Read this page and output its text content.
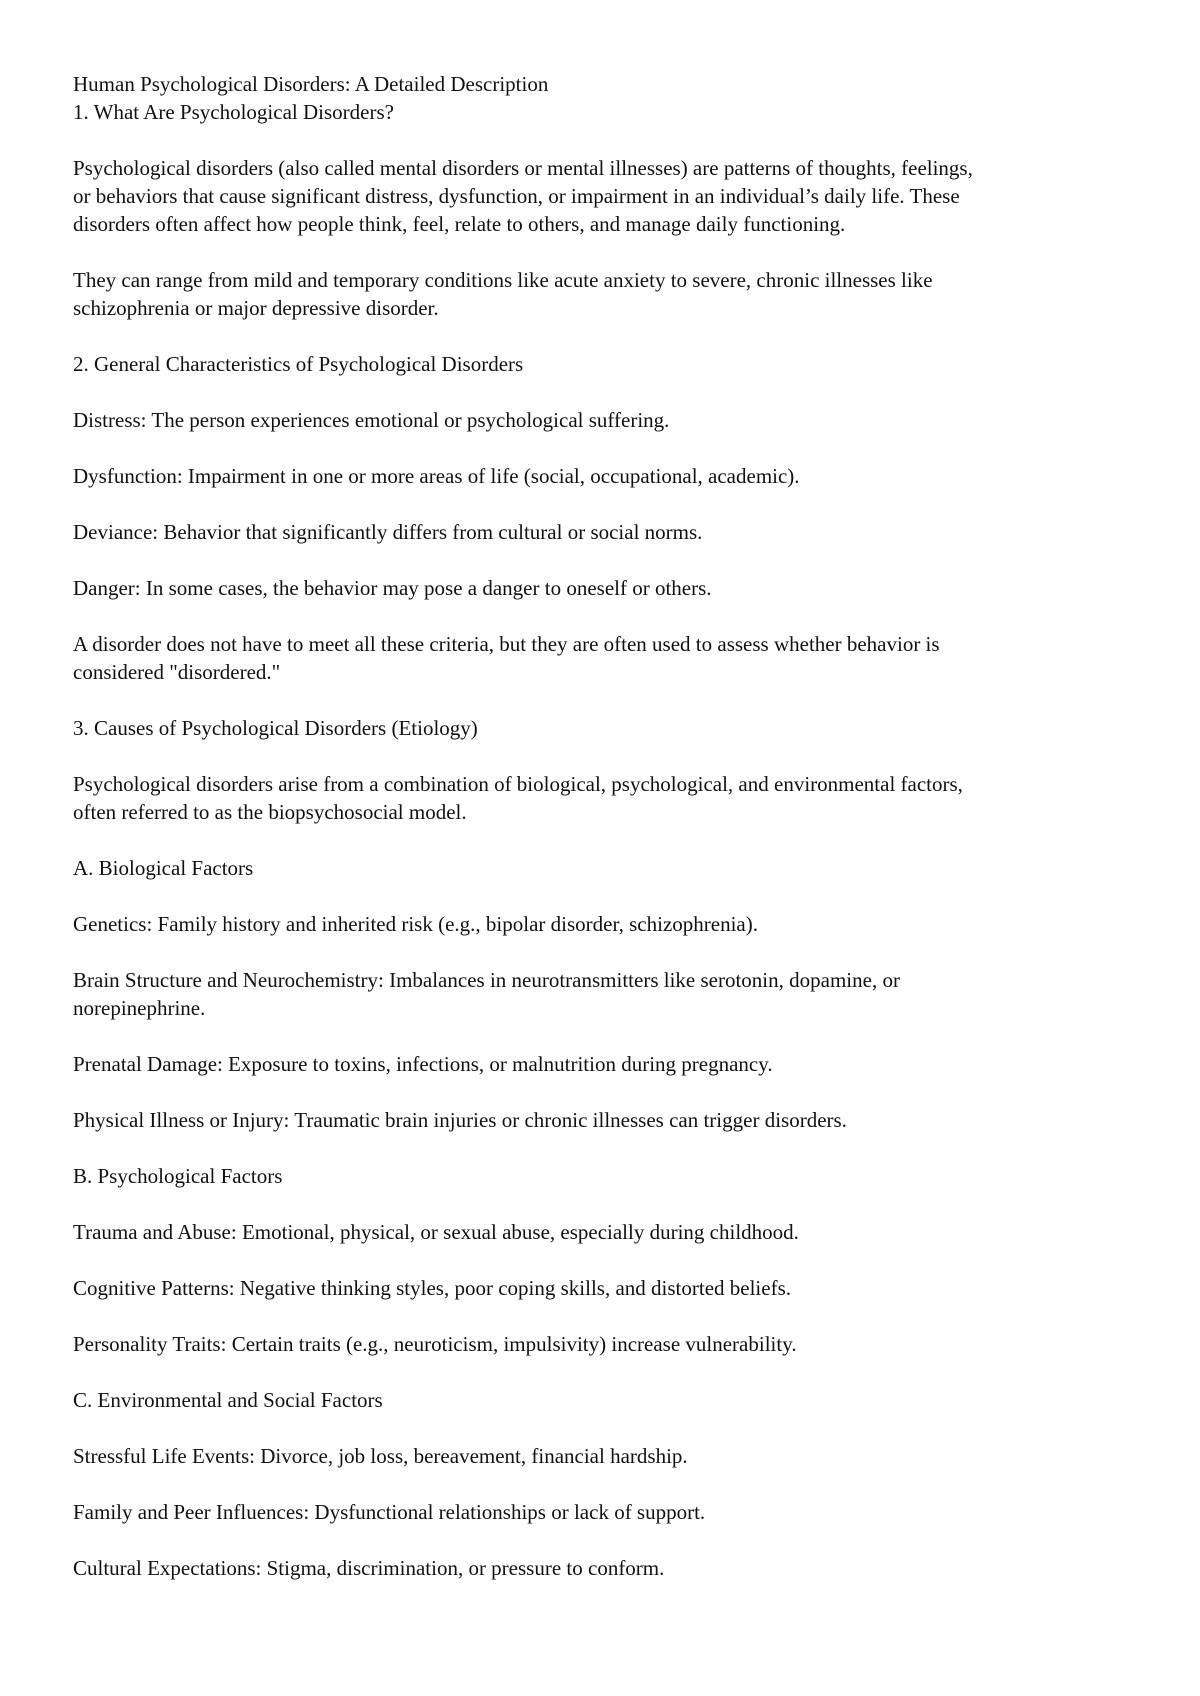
Human Psychological Disorders: A Detailed Description

1. What Are Psychological Disorders?

Psychological disorders (also called mental disorders or mental illnesses) are patterns of thoughts, feelings,
or behaviors that cause significant distress, dysfunction, or impairment in an individual’s daily life. These
disorders often affect how people think, feel, relate to others, and manage daily functioning.

They can range from mild and temporary conditions like acute anxiety to severe, chronic illnesses like
schizophrenia or major depressive disorder.

2. General Characteristics of Psychological Disorders

Distress: The person experiences emotional or psychological suffering.

Dysfunction: Impairment in one or more areas of life (social, occupational, academic).

Deviance: Behavior that significantly differs from cultural or social norms.

Danger: In some cases, the behavior may pose a danger to oneself or others.

A disorder does not have to meet all these criteria, but they are often used to assess whether behavior is
considered "disordered."

3. Causes of Psychological Disorders (Etiology)

Psychological disorders arise from a combination of biological, psychological, and environmental factors,
often referred to as the biopsychosocial model.

A. Biological Factors

Genetics: Family history and inherited risk (e.g., bipolar disorder, schizophrenia).

Brain Structure and Neurochemistry: Imbalances in neurotransmitters like serotonin, dopamine, or
norepinephrine.

Prenatal Damage: Exposure to toxins, infections, or malnutrition during pregnancy.

Physical Illness or Injury: Traumatic brain injuries or chronic illnesses can trigger disorders.

B. Psychological Factors

Trauma and Abuse: Emotional, physical, or sexual abuse, especially during childhood.

Cognitive Patterns: Negative thinking styles, poor coping skills, and distorted beliefs.

Personality Traits: Certain traits (e.g., neuroticism, impulsivity) increase vulnerability.

C. Environmental and Social Factors

Stressful Life Events: Divorce, job loss, bereavement, financial hardship.

Family and Peer Influences: Dysfunctional relationships or lack of support.

Cultural Expectations: Stigma, discrimination, or pressure to conform.
